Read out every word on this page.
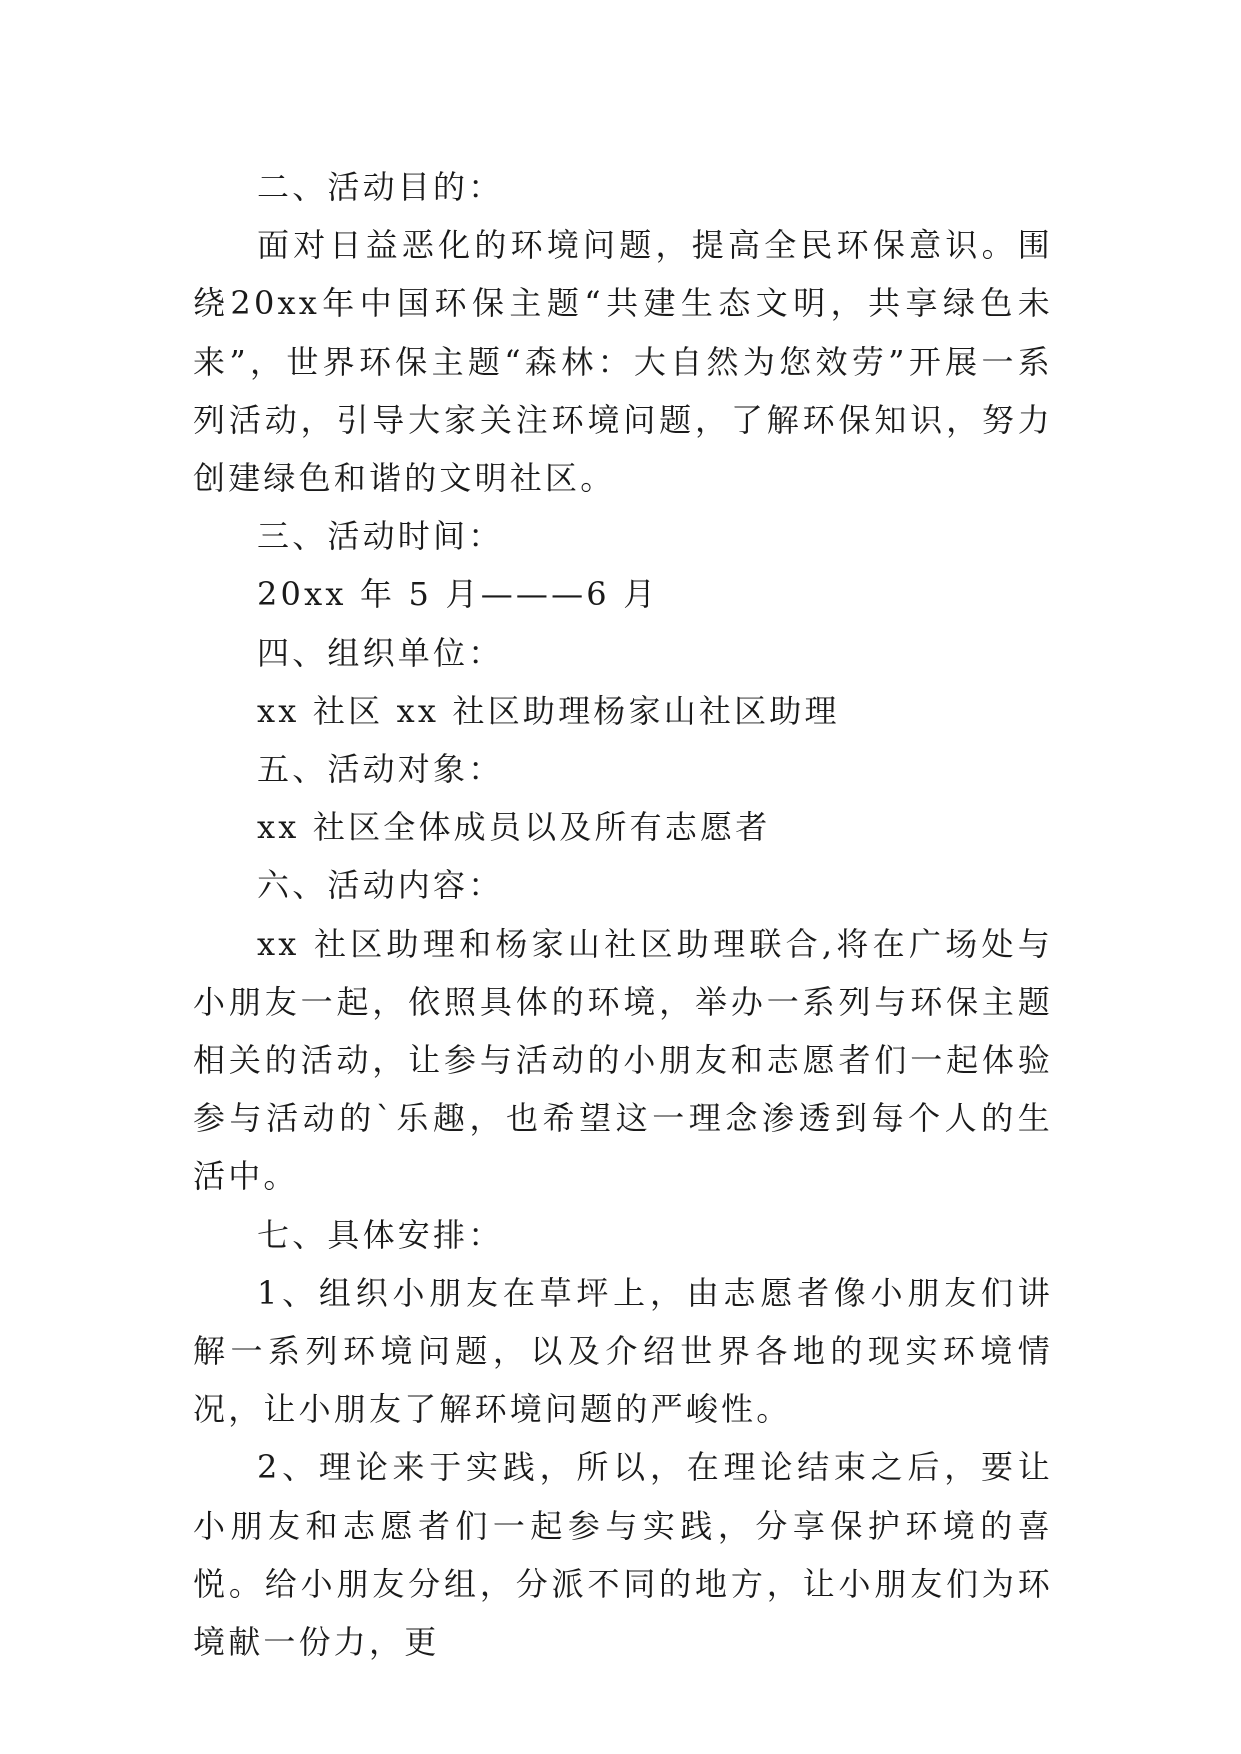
二、活动目的：

面对日益恶化的环境问题，提高全民环保意识。围绕20xx年中国环保主题“共建生态文明，共享绿色未来”，世界环保主题“森林：大自然为您效劳”开展一系列活动，引导大家关注环境问题，了解环保知识，努力创建绿色和谐的文明社区。

三、活动时间：

20xx 年 5 月———6 月

四、组织单位：

xx 社区 xx 社区助理杨家山社区助理

五、活动对象：

xx 社区全体成员以及所有志愿者

六、活动内容：

xx 社区助理和杨家山社区助理联合,将在广场处与小朋友一起，依照具体的环境，举办一系列与环保主题相关的活动，让参与活动的小朋友和志愿者们一起体验参与活动的`乐趣，也希望这一理念渗透到每个人的生活中。

七、具体安排：

1、组织小朋友在草坪上，由志愿者像小朋友们讲解一系列环境问题，以及介绍世界各地的现实环境情况，让小朋友了解环境问题的严峻性。

2、理论来于实践，所以，在理论结束之后，要让小朋友和志愿者们一起参与实践，分享保护环境的喜悦。给小朋友分组，分派不同的地方，让小朋友们为环境献一份力，更
